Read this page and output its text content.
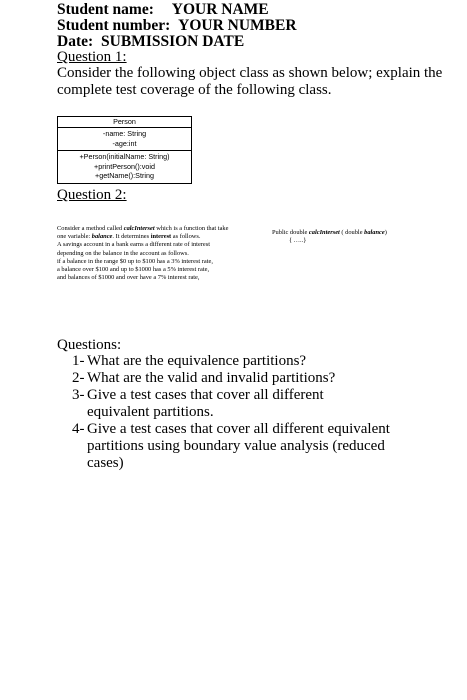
Student name: YOUR NAME
Student number: YOUR NUMBER
Date: SUBMISSION DATE
Question 1:
Consider the following object class as shown below; explain the
complete test coverage of the following class.
Person
-name: String
-age:int
+Person(initialName: String)
+printPerson():void
+getName():String
Question 2:
Consider a method called calcInterset which is a function that take
one variable: balance. It determines interest as follows.
A savings account in a bank earns a different rate of interest
depending on the balance in the account as follows.
if a balance in the range $0 up to $100 has a 3% interest rate,
a balance over $100 and up to $1000 has a 5% interest rate,
and balances of $1000 and over have a 7% interest rate,
Public double calcInterset ( double balance)
{ …..}
Questions:
1- What are the equivalence partitions?
2- What are the valid and invalid partitions?
3- Give a test cases that cover all different equivalent partitions.
4- Give a test cases that cover all different equivalent partitions using boundary value analysis (reduced cases)
